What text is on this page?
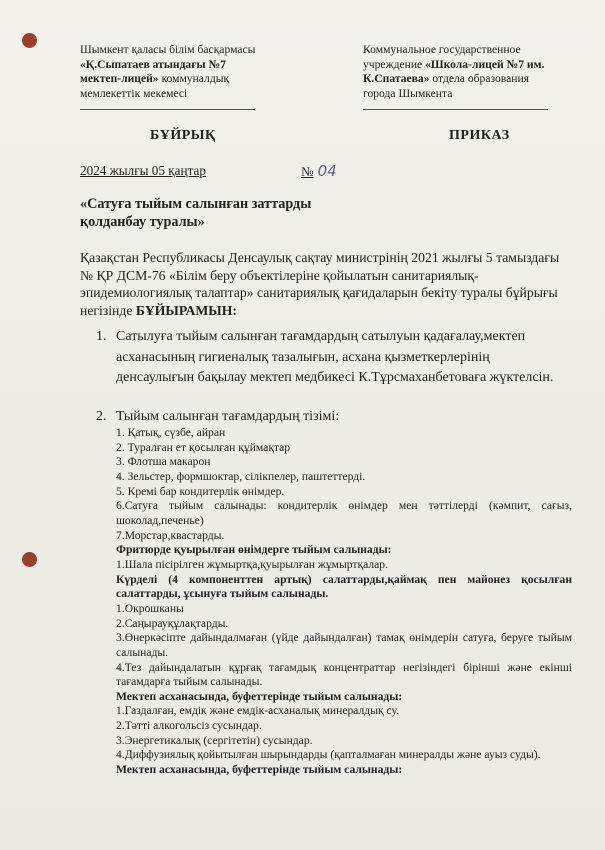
Шымкент қаласы білім басқармасы
«Қ.Сыпатаев атындағы №7
мектеп-лицей» коммуналдық
мемлекеттік мекемесі
Коммунальное государственное
учреждение «Школа-лицей №7 им.
К.Спатаева» отдела образования
города Шымкента
БҰЙРЫҚ	ПРИКАЗ
2024 жылғы 05 қаңтар	№ 04
«Сатуға тыйым салынған заттарды
қолданбау туралы»
Қазақстан Республикасы Денсаулық сақтау министрінің 2021 жылғы 5 тамыздағы № ҚР ДСМ-76 «Білім беру объектілеріне қойылатын санитариялық-эпидемиологиялық талаптар» санитариялық қағидаларын бекіту туралы бұйрығы негізінде БҰЙЫРАМЫН:
1. Сатылуға тыйым салынған тағамдардың сатылуын қадағалау,мектеп асханасының гигиеналық тазалығын, асхана қызметкерлерінің денсаулығын бақылау мектеп медбикесі К.Тұрсмаханбетоваға жүктелсін.
2. Тыйым салынған тағамдардың тізімі:
1. Қатық, сүзбе, айран
2. Туралған ет қосылған құймақтар
3. Флотша макарон
4. Зельстер, формшоктар, сілікпелер, паштеттерді.
5. Кремі бар кондитерлік өнімдер.
6.Сатуға тыйым салынады: кондитерлік өнімдер мен тәттілерді (кәмпит, сағыз, шоколад,печенье)
7.Морстар,квастарды.
Фритюрде қуырылған өнімдерге тыйым салынады:
1.Шала пісірілген жұмыртқа,қуырылған жұмыртқалар.
Күрделі (4 компоненттен артық) салаттарды,қаймақ пен майонез қосылған салаттарды, ұсынуға тыйым салынады.
1.Окрошканы
2.Саңырауқұлақтарды.
3.Өнеркәсіпте дайындалмаған (үйде дайындалған) тамақ өнімдерін сатуға, беруге тыйым салынады.
4.Тез дайындалатын құрғақ тағамдық концентраттар негізіндегі бірінші және екінші тағамдарға тыйым салынады.
Мектеп асханасында, буфеттерінде тыйым салынады:
1.Газдалған, емдік және емдік-асханалық минералдық су.
2.Тәтті алкогольсіз сусындар.
3.Энергетикалық (сергітетін) сусындар.
4.Диффузиялық қойытылған шырындарды (қапталмаған минералды және ауыз суды).
Мектеп асханасында, буфеттерінде тыйым салынады:
